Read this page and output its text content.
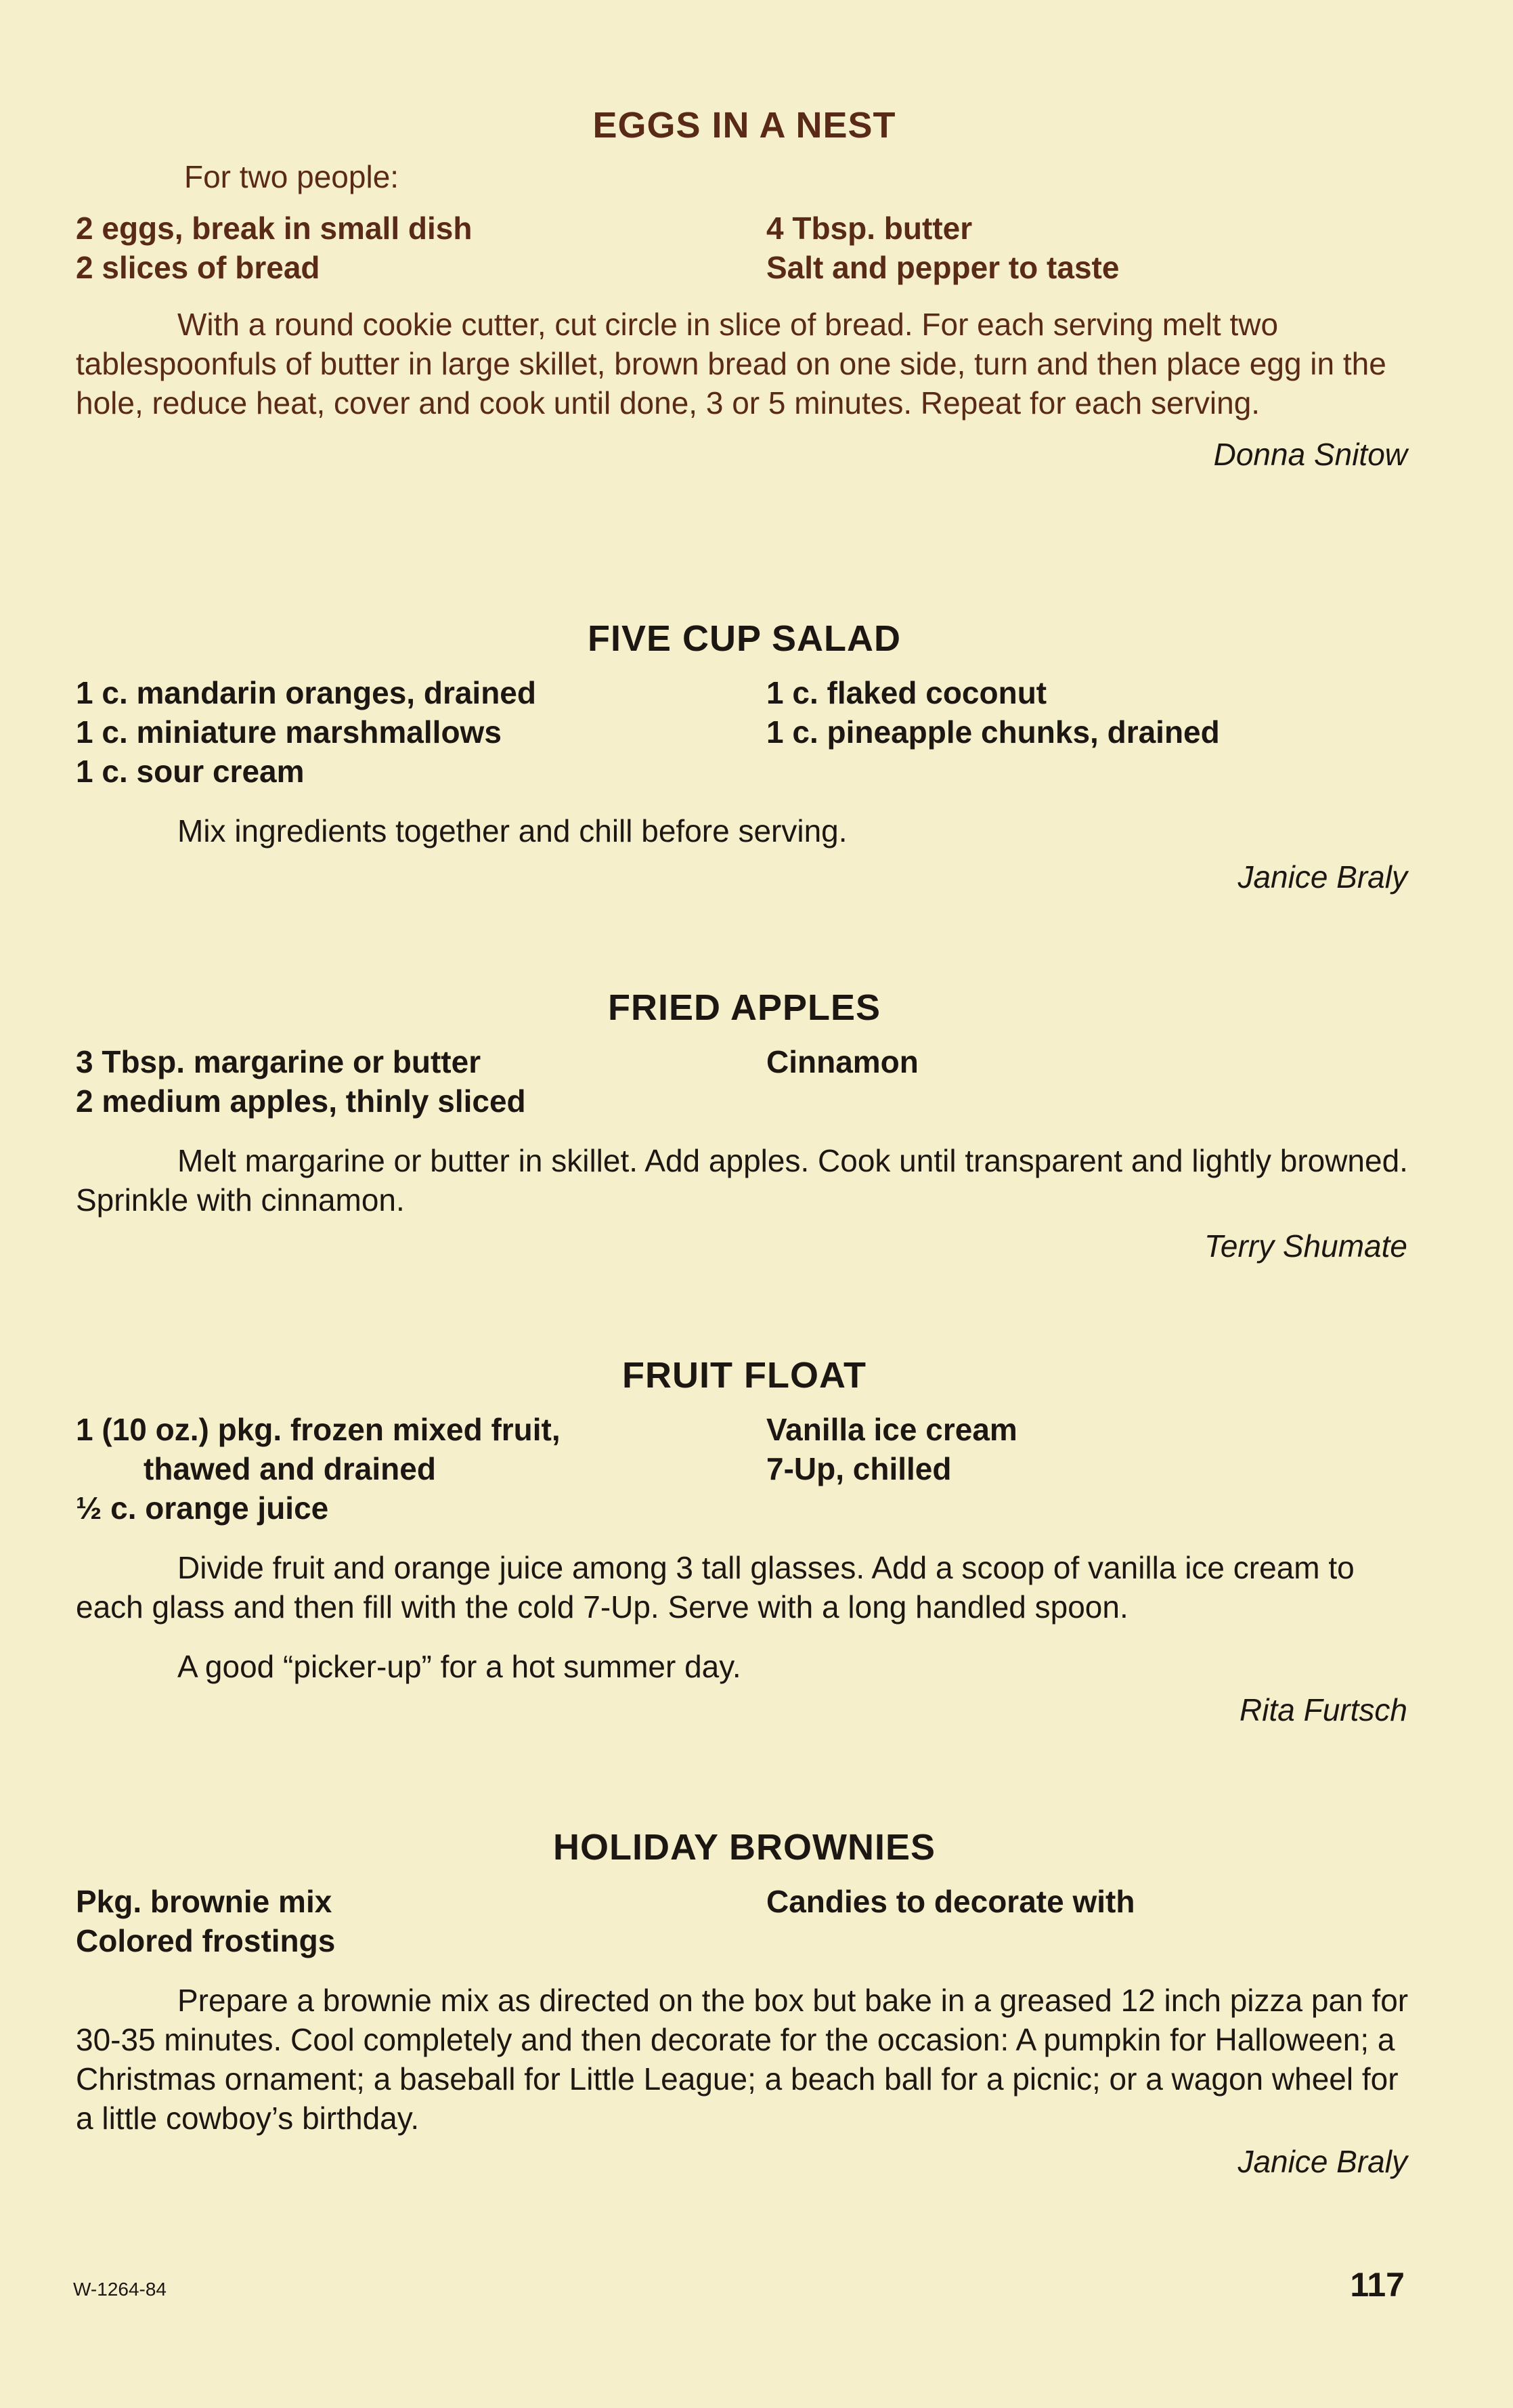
EGGS IN A NEST
For two people:
2 eggs, break in small dish
2 slices of bread
4 Tbsp. butter
Salt and pepper to taste

With a round cookie cutter, cut circle in slice of bread. For each serving melt two tablespoonfuls of butter in large skillet, brown bread on one side, turn and then place egg in the hole, reduce heat, cover and cook until done, 3 or 5 minutes. Repeat for each serving.

Donna Snitow
FIVE CUP SALAD
1 c. mandarin oranges, drained
1 c. miniature marshmallows
1 c. sour cream
1 c. flaked coconut
1 c. pineapple chunks, drained

Mix ingredients together and chill before serving.

Janice Braly
FRIED APPLES
3 Tbsp. margarine or butter
2 medium apples, thinly sliced
Cinnamon

Melt margarine or butter in skillet. Add apples. Cook until transparent and lightly browned. Sprinkle with cinnamon.

Terry Shumate
FRUIT FLOAT
1 (10 oz.) pkg. frozen mixed fruit,
thawed and drained
½ c. orange juice
Vanilla ice cream
7-Up, chilled

Divide fruit and orange juice among 3 tall glasses. Add a scoop of vanilla ice cream to each glass and then fill with the cold 7-Up. Serve with a long handled spoon.

A good “picker-up” for a hot summer day.

Rita Furtsch
HOLIDAY BROWNIES
Pkg. brownie mix
Colored frostings
Candies to decorate with

Prepare a brownie mix as directed on the box but bake in a greased 12 inch pizza pan for 30-35 minutes. Cool completely and then decorate for the occasion: A pumpkin for Halloween; a Christmas ornament; a baseball for Little League; a beach ball for a picnic; or a wagon wheel for a little cowboy’s birthday.

Janice Braly
W-1264-84	117
